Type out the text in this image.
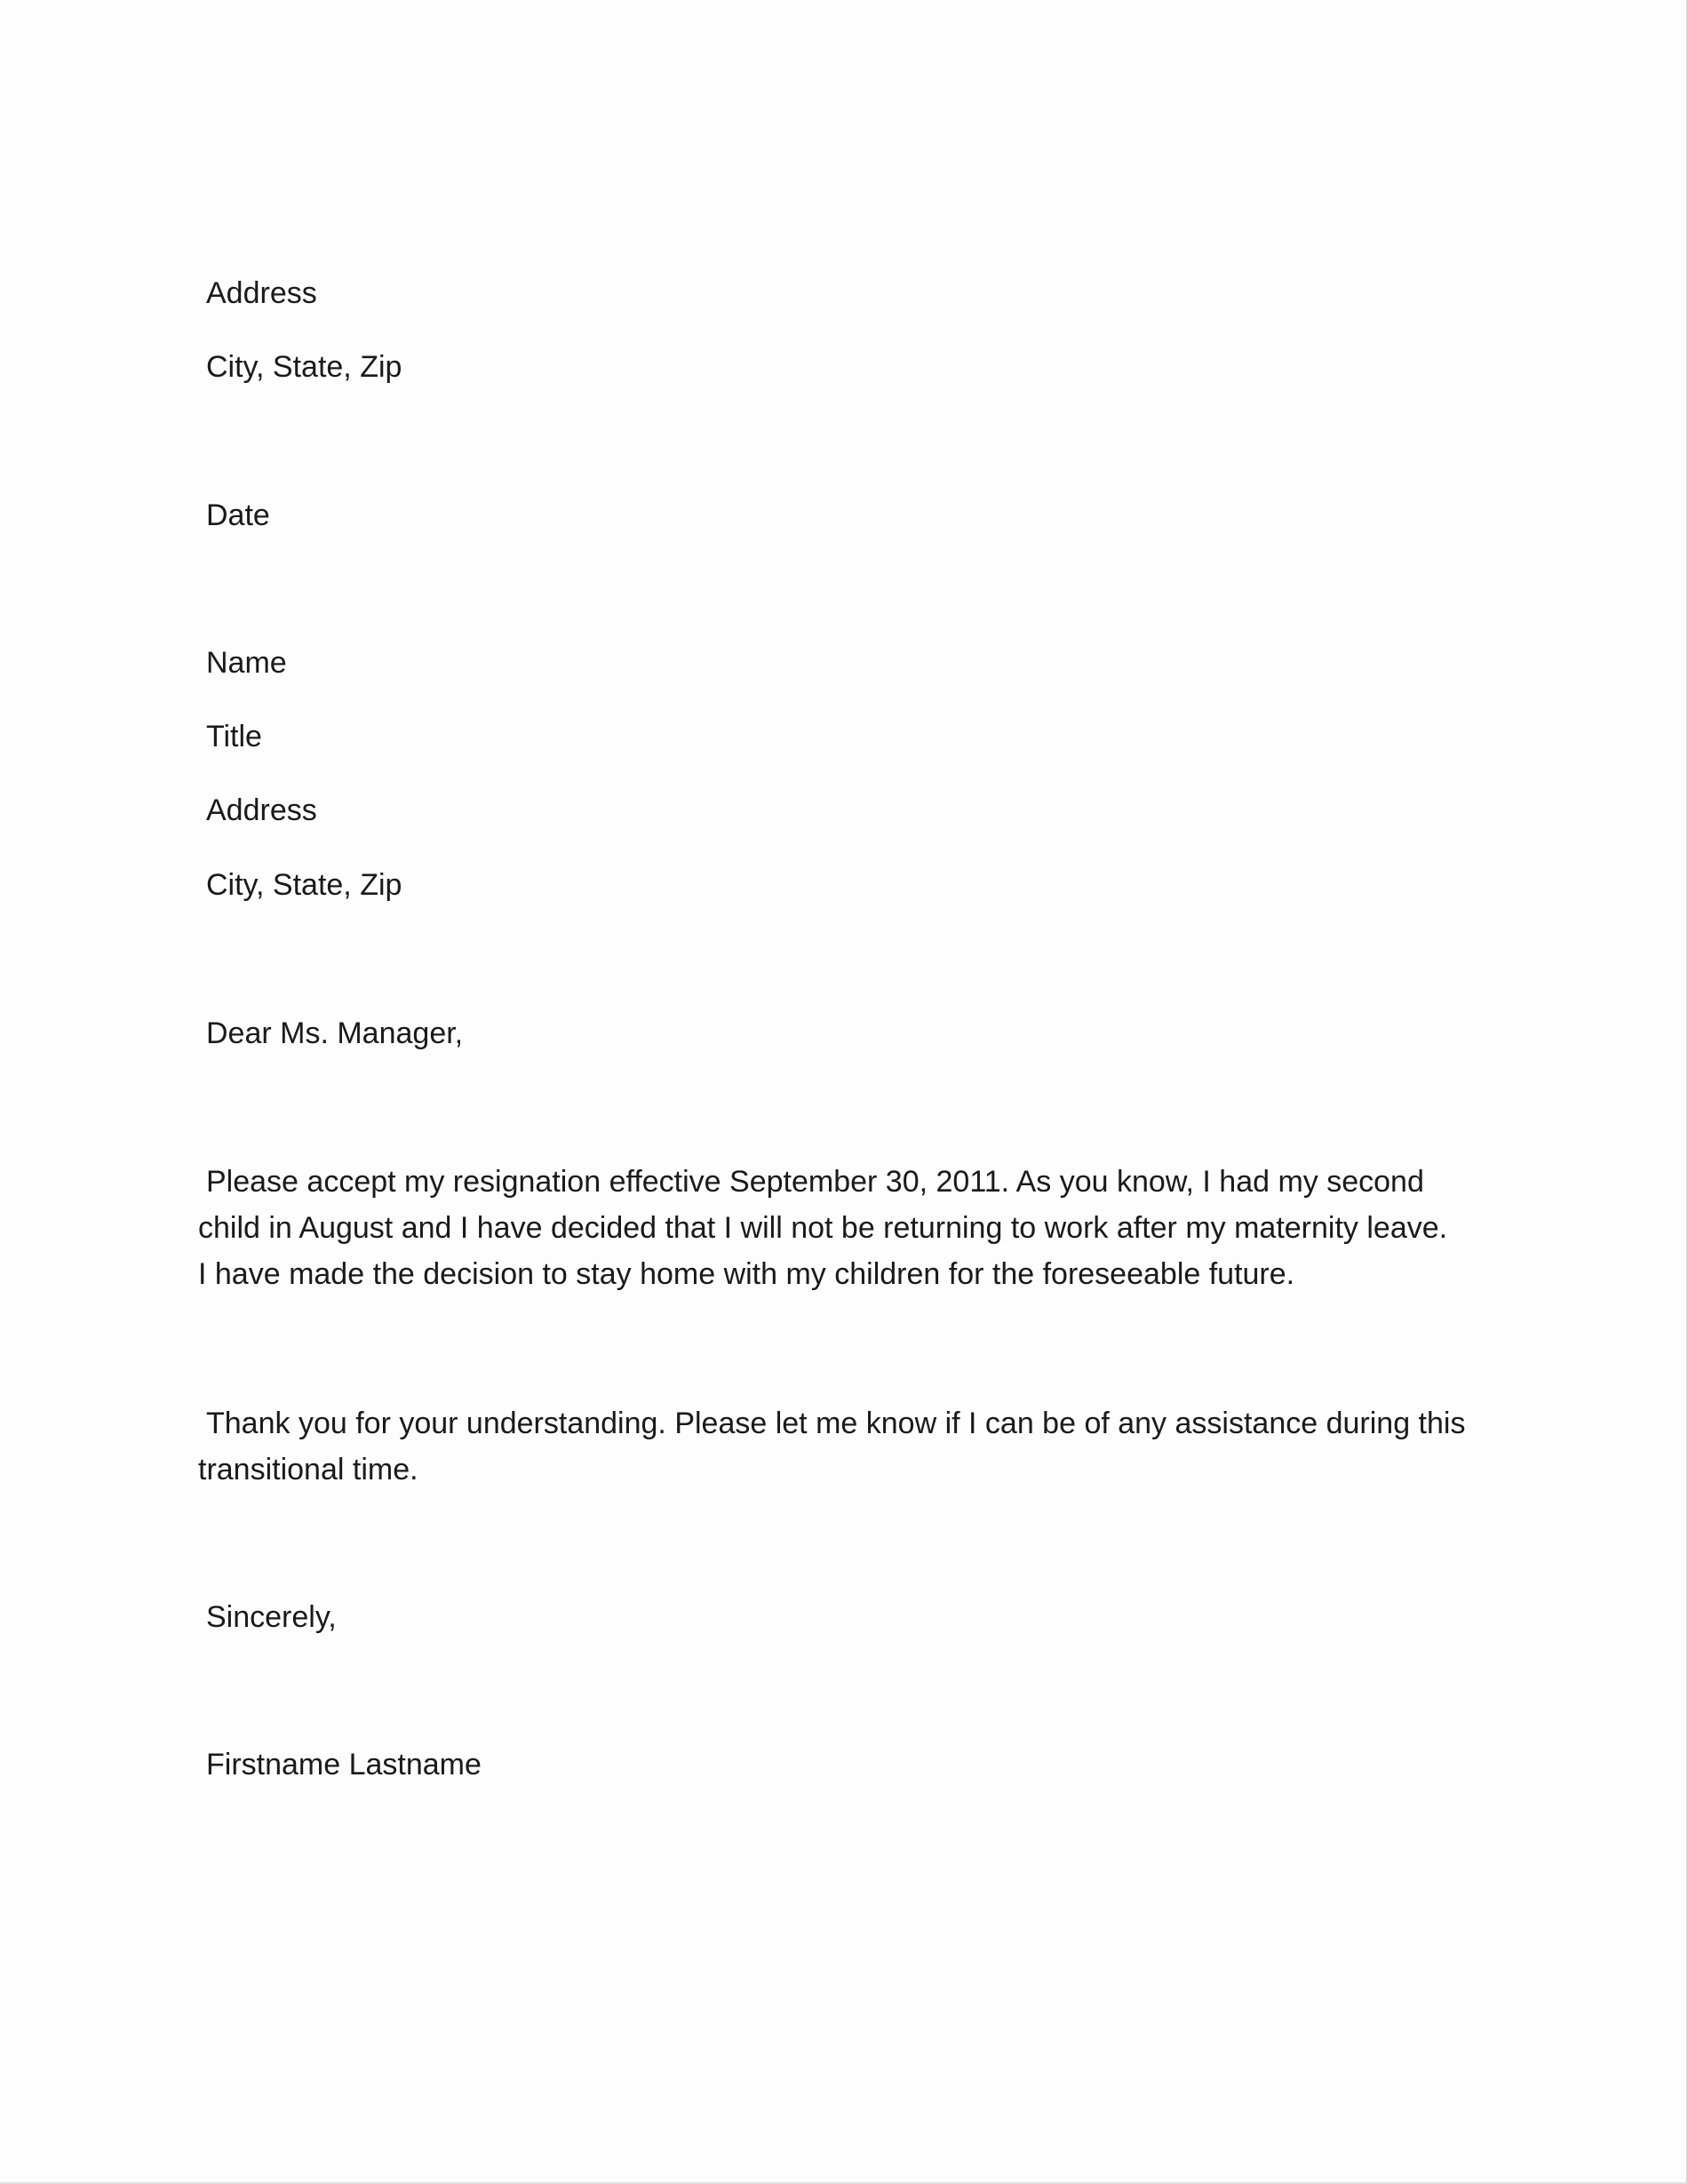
Address

City, State, Zip

Date

Name

Title

Address

City, State, Zip

Dear Ms. Manager,

Please accept my resignation effective September 30, 2011. As you know, I had my second
child in August and I have decided that I will not be returning to work after my maternity leave.
I have made the decision to stay home with my children for the foreseeable future.
Thank you for your understanding. Please let me know if I can be of any assistance during this
transitional time.

Sincerely,

Firstname Lastname
